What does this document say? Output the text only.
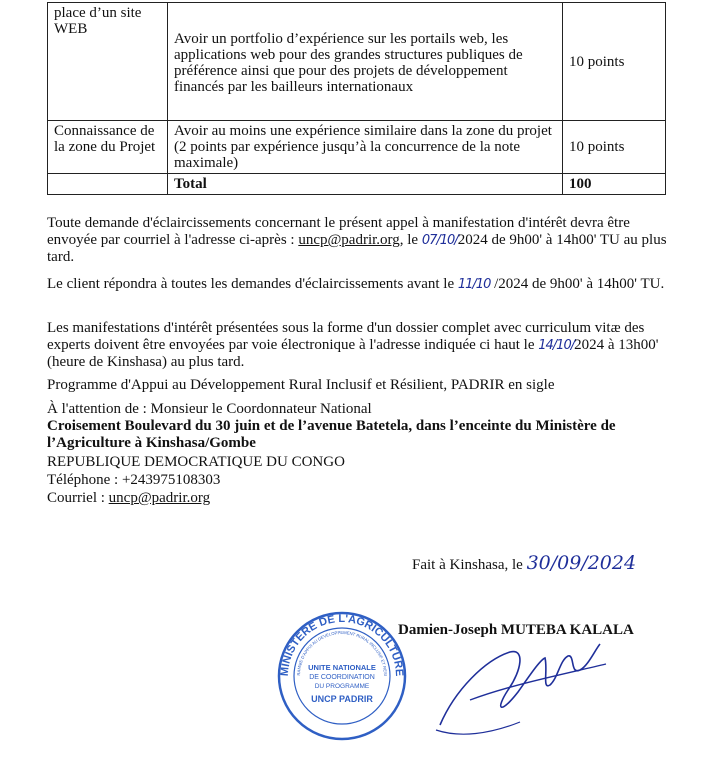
place d’un site WEB	Avoir un portfolio d’expérience sur les portails web, les applications web pour des grandes structures publiques de préférence ainsi que pour des projets de développement financés par les bailleurs internationaux	10 points
Connaissance de la zone du Projet	Avoir au moins une expérience similaire dans la zone du projet (2 points par expérience jusqu’à la concurrence de la note maximale)	10 points
	Total	100
Toute demande d'éclaircissements concernant le présent appel à manifestation d'intérêt devra être envoyée par courriel à l'adresse ci-après : uncp@padrir.org, le 07/10/2024 de 9h00' à 14h00' TU au plus tard.
Le client répondra à toutes les demandes d'éclaircissements avant le 11/10 /2024 de 9h00' à 14h00' TU.
Les manifestations d'intérêt présentées sous la forme d'un dossier complet avec curriculum vitæ des experts doivent être envoyées par voie électronique à l'adresse indiquée ci haut le 14/10/2024 à 13h00' (heure de Kinshasa) au plus tard.
Programme d'Appui au Développement Rural Inclusif et Résilient, PADRIR en sigle
À l'attention de : Monsieur le Coordonnateur National
Croisement Boulevard du 30 juin et de l’avenue Batetela, dans l’enceinte du Ministère de l’Agriculture à Kinshasa/Gombe
REPUBLIQUE DEMOCRATIQUE DU CONGO
Téléphone : +243975108303
Courriel : uncp@padrir.org
Fait à Kinshasa, le 30/09/2024
Damien-Joseph MUTEBA KALALA
MINISTERE DE L'AGRICULTURE
RAMME D'APPUI AU DEVELOPPEMENT RURAL INCLUSIF ET RESI
UNITE NATIONALE
DE COORDINATION
DU PROGRAMME
UNCP PADRIR
